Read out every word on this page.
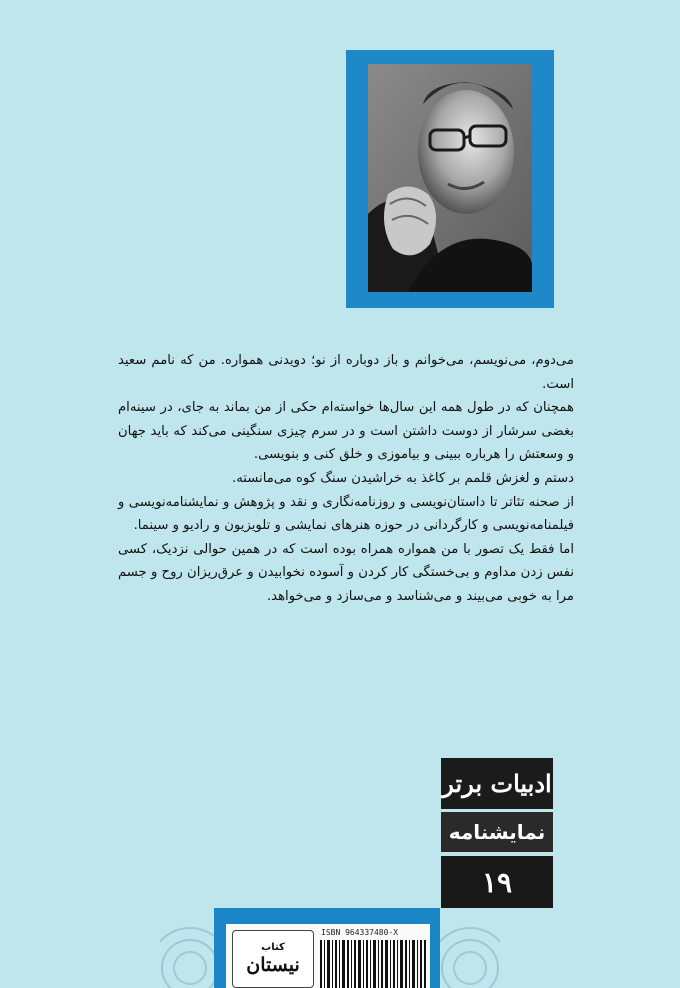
می‌دوم، می‌نویسم، می‌خوانم و باز دوباره از نو؛ دویدنی همواره. من که نامم سعید است.

همچنان که در طول همه این سال‌ها خواسته‌ام حکی از من بماند به جای، در سینه‌ام بغضی سرشار از دوست داشتن است و در سرم چیزی سنگینی می‌کند که باید جهان و وسعتش را هرباره ببینی و بیاموزی و خلق کنی و بنویسی.

دستم و لغزش قلمم بر کاغذ به خراشیدن سنگ کوه می‌مانسته.

از صحنه تئاتر تا داستان‌نویسی و روزنامه‌نگاری و نقد و پژوهش و نمایشنامه‌نویسی و فیلمنامه‌نویسی و کارگردانی در حوزه هنرهای نمایشی و تلویزیون و رادیو و سینما.

اما فقط یک تصور با من همواره همراه بوده است که در همین حوالی نزدیک، کسی نفس زدن مداوم و بی‌خستگی کار کردن و آسوده نخوابیدن و عرق‌ریزان روح و جسم مرا به خوبی می‌بیند و می‌شناسد و می‌سازد و می‌خواهد.

ادبیات برتر
نمایشنامه
۱۹
کتاب
نیستان
ISBN 964337480-X
